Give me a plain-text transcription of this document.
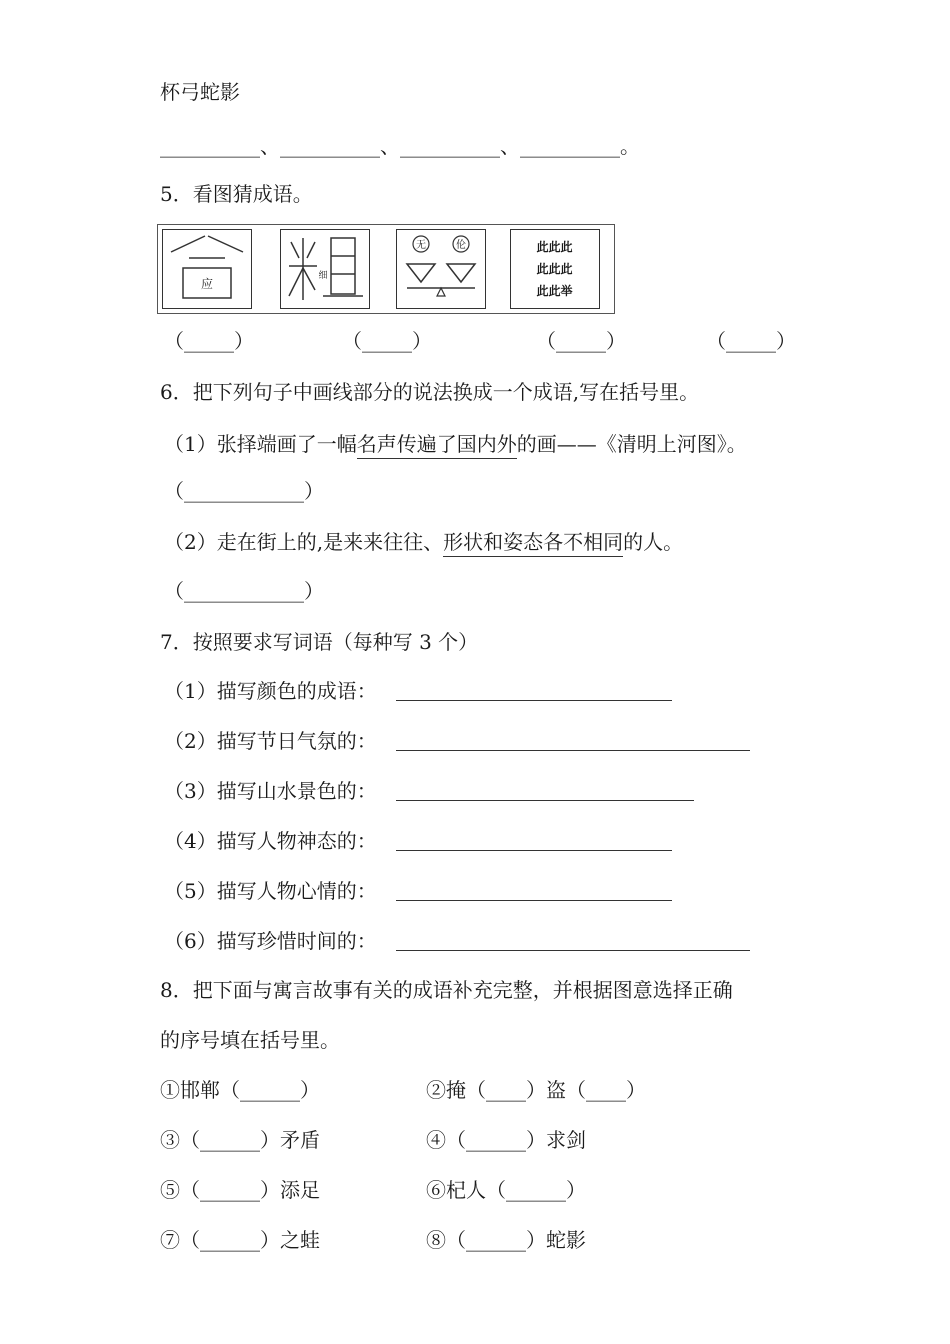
杯弓蛇影
__________、__________、__________、__________。
5．看图猜成语。
应
细
无	伦	此此此
此此此
此此举
（_____）	（_____）	（_____）	（_____）
6．把下列句子中画线部分的说法换成一个成语,写在括号里。
（1）张择端画了一幅名声传遍了国内外的画——《清明上河图》。
（____________）
（2）走在街上的,是来来往往、形状和姿态各不相同的人。
（____________）
7．按照要求写词语（每种写 3 个）
（1）描写颜色的成语：
（2）描写节日气氛的：
（3）描写山水景色的：
（4）描写人物神态的：
（5）描写人物心情的：
（6）描写珍惜时间的：
8．把下面与寓言故事有关的成语补充完整，并根据图意选择正确
的序号填在括号里。
①邯郸（______）	②掩（____）盗（____）
③（______）矛盾	④（______）求剑
⑤（______）添足	⑥杞人（______）
⑦（______）之蛙	⑧（______）蛇影
